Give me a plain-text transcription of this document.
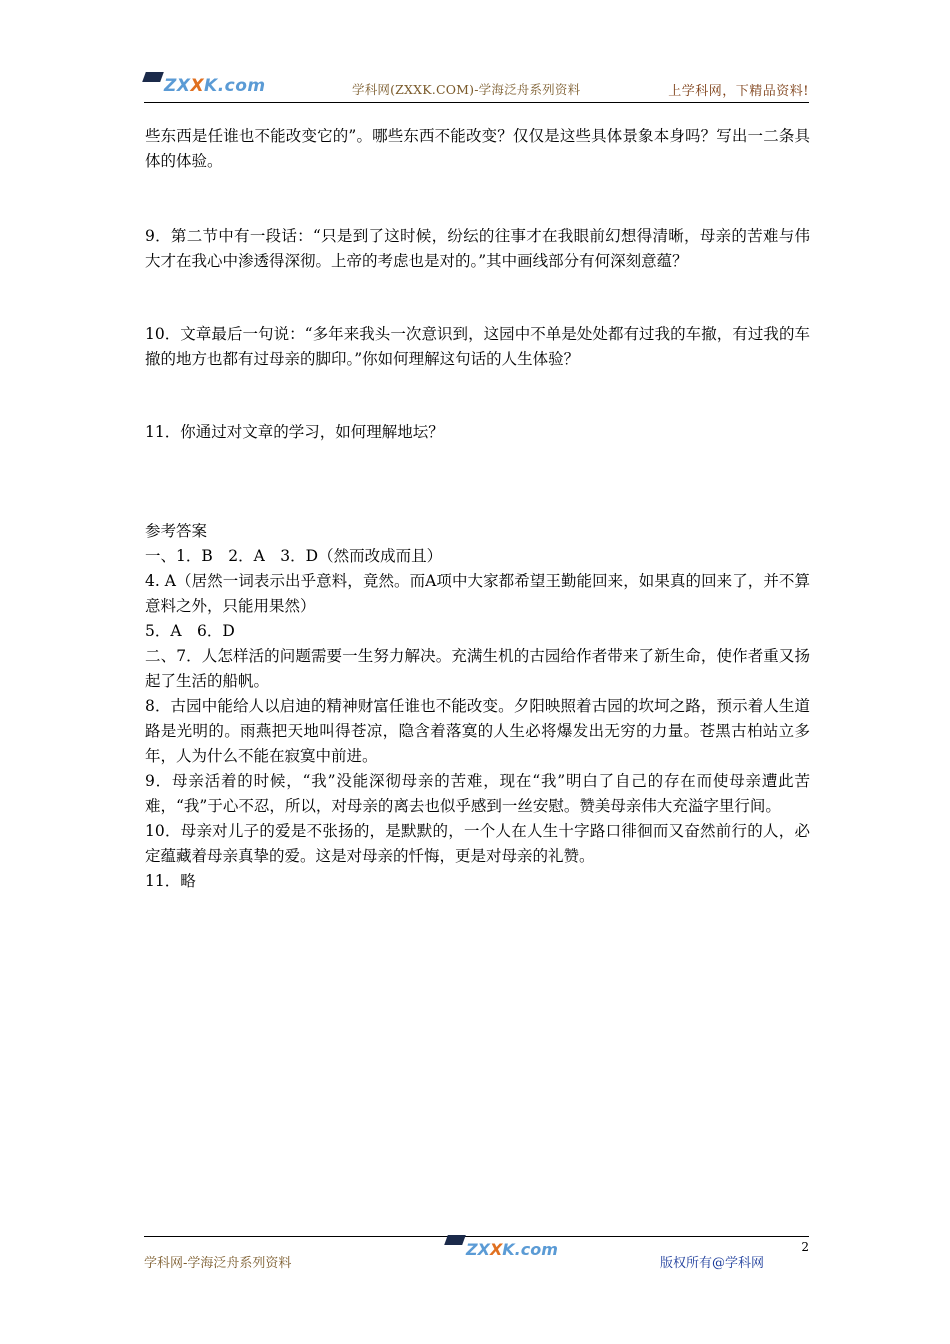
ZXXK.com	学科网(ZXXK.COM)-学海泛舟系列资料	上学科网，下精品资料!

些东西是任谁也不能改变它的”。哪些东西不能改变？仅仅是这些具体景象本身吗？写出一二条具体的体验。

9．第二节中有一段话：“只是到了这时候，纷纭的往事才在我眼前幻想得清晰，母亲的苦难与伟大才在我心中渗透得深彻。上帝的考虑也是对的。”其中画线部分有何深刻意蕴？

10．文章最后一句说：“多年来我头一次意识到，这园中不单是处处都有过我的车撤，有过我的车撤的地方也都有过母亲的脚印。”你如何理解这句话的人生体验？

11．你通过对文章的学习，如何理解地坛？

参考答案

一、1．B　2．A　3．D（然而改成而且）

4. A（居然一词表示出乎意料，竟然。而A项中大家都希望王勤能回来，如果真的回来了，并不算意料之外，只能用果然）

5．A　6．D

二、7．人怎样活的问题需要一生努力解决。充满生机的古园给作者带来了新生命，使作者重又扬起了生活的船帆。

8．古园中能给人以启迪的精神财富任谁也不能改变。夕阳映照着古园的坎坷之路，预示着人生道路是光明的。雨燕把天地叫得苍凉，隐含着落寞的人生必将爆发出无穷的力量。苍黑古柏站立多年，人为什么不能在寂寞中前进。

9．母亲活着的时候，“我”没能深彻母亲的苦难，现在“我”明白了自己的存在而使母亲遭此苦难，“我”于心不忍，所以，对母亲的离去也似乎感到一丝安慰。赞美母亲伟大充溢字里行间。

10．母亲对儿子的爱是不张扬的，是默默的，一个人在人生十字路口徘徊而又奋然前行的人，必定蕴藏着母亲真挚的爱。这是对母亲的忏悔，更是对母亲的礼赞。

11．略

学科网-学海泛舟系列资料
ZXXK.com
版权所有@学科网
2
